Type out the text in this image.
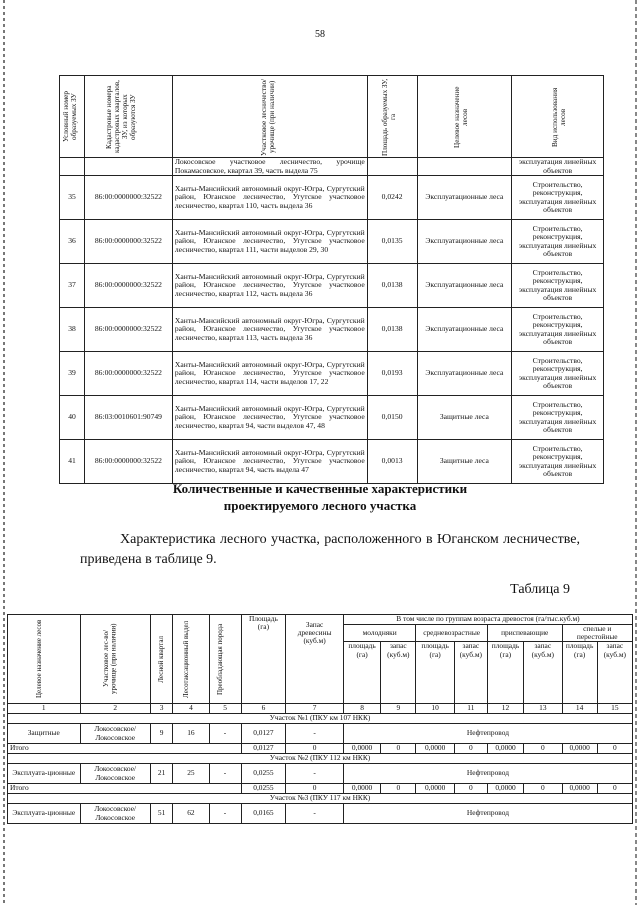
58
Условный номер образуемых ЗУ	Кадастровые номера кадастровых кварталов, ЗУ, из которых образуются ЗУ	Участковое лесничество/урочище (при наличии)	Площадь образуемых ЗУ, га	Целевое назначение лесов	Вид использования лесов

		Локосовское участковое лесничество, урочище Покамасовское, квартал 39, часть выдела 75			эксплуатация линейных объектов
35	86:00:0000000:32522	Ханты-Мансийский автономный округ-Югра, Сургутский район, Юганское лесничество, Угутское участковое лесничество, квартал 110, часть выдела 36	0,0242	Эксплуатационные леса	Строительство, реконструкция, эксплуатация линейных объектов
36	86:00:0000000:32522	Ханты-Мансийский автономный округ-Югра, Сургутский район, Юганское лесничество, Угутское участковое лесничество, квартал 111, части выделов 29, 30	0,0135	Эксплуатационные леса	Строительство, реконструкция, эксплуатация линейных объектов
37	86:00:0000000:32522	Ханты-Мансийский автономный округ-Югра, Сургутский район, Юганское лесничество, Угутское участковое лесничество, квартал 112, часть выдела 36	0,0138	Эксплуатационные леса	Строительство, реконструкция, эксплуатация линейных объектов
38	86:00:0000000:32522	Ханты-Мансийский автономный округ-Югра, Сургутский район, Юганское лесничество, Угутское участковое лесничество, квартал 113, часть выдела 36	0,0138	Эксплуатационные леса	Строительство, реконструкция, эксплуатация линейных объектов
39	86:00:0000000:32522	Ханты-Мансийский автономный округ-Югра, Сургутский район, Юганское лесничество, Угутское участковое лесничество, квартал 114, части выделов 17, 22	0,0193	Эксплуатационные леса	Строительство, реконструкция, эксплуатация линейных объектов
40	86:03:0010601:90749	Ханты-Мансийский автономный округ-Югра, Сургутский район, Юганское лесничество, Угутское участковое лесничество, квартал 94, части выделов 47, 48	0,0150	Защитные леса	Строительство, реконструкция, эксплуатация линейных объектов
41	86:00:0000000:32522	Ханты-Мансийский автономный округ-Югра, Сургутский район, Юганское лесничество, Угутское участковое лесничество, квартал 94, часть выдела 47	0,0013	Защитные леса	Строительство, реконструкция, эксплуатация линейных объектов
Количественные и качественные характеристики
проектируемого лесного участка
Характеристика лесного участка, расположенного в Юганском лесничестве, приведена в таблице 9.
Таблица 9
Целевое назначение лесов	Участковое лес-во/ урочище (при наличии)	Лесной квартал	Лесотаксационный выдел	Преобладающая порода	Площадь (га)	Запас древесины (куб.м)	В том числе по группам возраста древостоя (га/тыс.куб.м)							
							молодняки		средневозрастные		приспевающие		спелые и перестойные	
							площадь (га)	запас (куб.м)	площадь (га)	запас (куб.м)	площадь (га)	запас (куб.м)	площадь (га)	запас (куб.м)
1	2	3	4	5	6	7	8	9	10	11	12	13	14	15
Участок №1 (ПКУ км 107 НКК)														
Защитные	Локосовское/ Локосовское	9	16	-	0,0127	-	Нефтепровод							
Итого					0,0127	0	0,0000	0	0,0000	0	0,0000	0	0,0000	0
Участок №2 (ПКУ 112 км НКК)														
Эксплуата-ционные	Локосовское/ Локосовское	21	25	-	0,0255	-	Нефтепровод							
Итого					0,0255	0	0,0000	0	0,0000	0	0,0000	0	0,0000	0
Участок №3 (ПКУ 117 км НКК)														
Эксплуата-ционные	Локосовское/ Локосовское	51	62	-	0,0165	-	Нефтепровод							
